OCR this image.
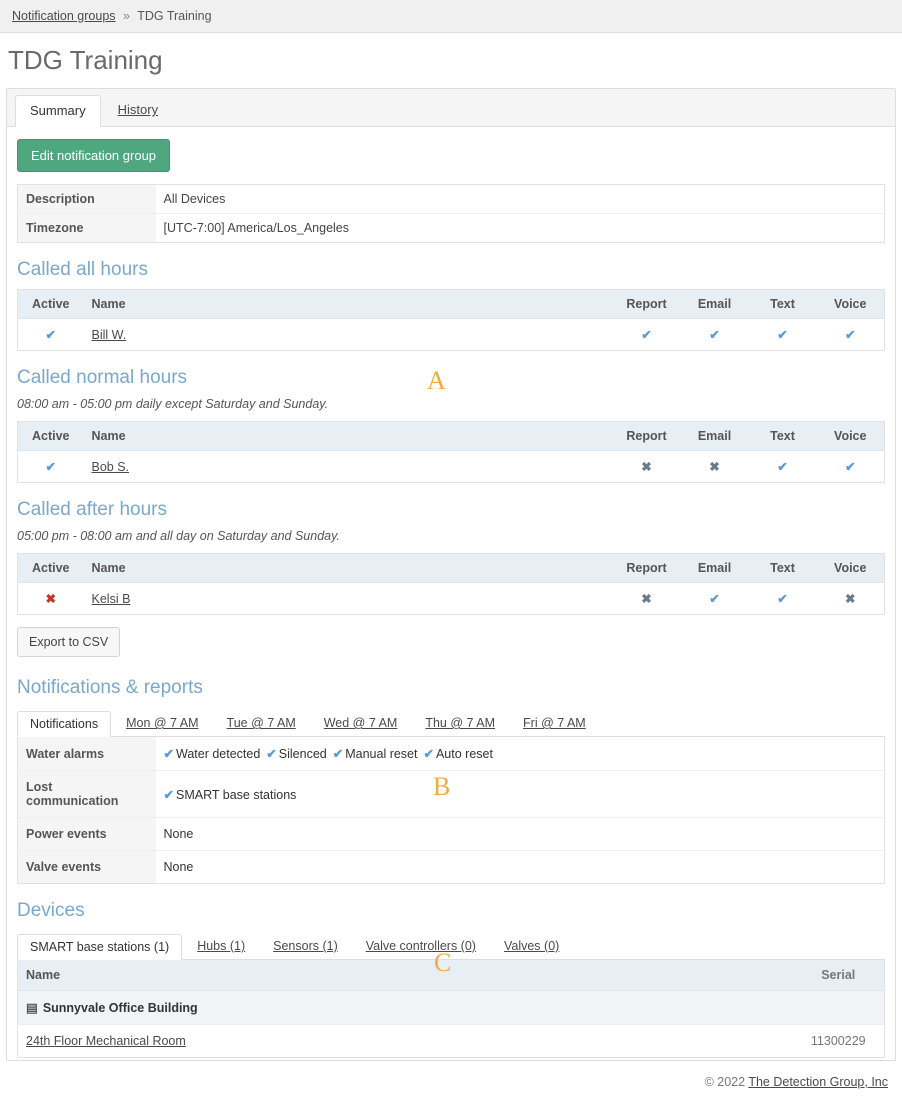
Notification groups » TDG Training
TDG Training
Summary	History
Edit notification group
Description	All Devices
Timezone	[UTC-7:00] America/Los_Angeles
Called all hours
Active	Name	Report	Email	Text	Voice
✔	Bill W.	✔	✔	✔	✔
Called normal hours
08:00 am - 05:00 pm daily except Saturday and Sunday.
Active	Name	Report	Email	Text	Voice
✔	Bob S.	✖	✖	✔	✔
Called after hours
05:00 pm - 08:00 am and all day on Saturday and Sunday.
Active	Name	Report	Email	Text	Voice
✖	Kelsi B	✖	✔	✔	✖
Export to CSV
Notifications & reports
Notifications	Mon @ 7 AM	Tue @ 7 AM	Wed @ 7 AM	Thu @ 7 AM	Fri @ 7 AM
Water alarms	✔ Water detected ✔ Silenced ✔ Manual reset ✔ Auto reset
Lost communication	✔ SMART base stations
Power events	None
Valve events	None
Devices
SMART base stations (1)	Hubs (1)	Sensors (1)	Valve controllers (0)	Valves (0)
Name	Serial
▤ Sunnyvale Office Building	
24th Floor Mechanical Room	11300229
© 2022 The Detection Group, Inc
A
B
C
